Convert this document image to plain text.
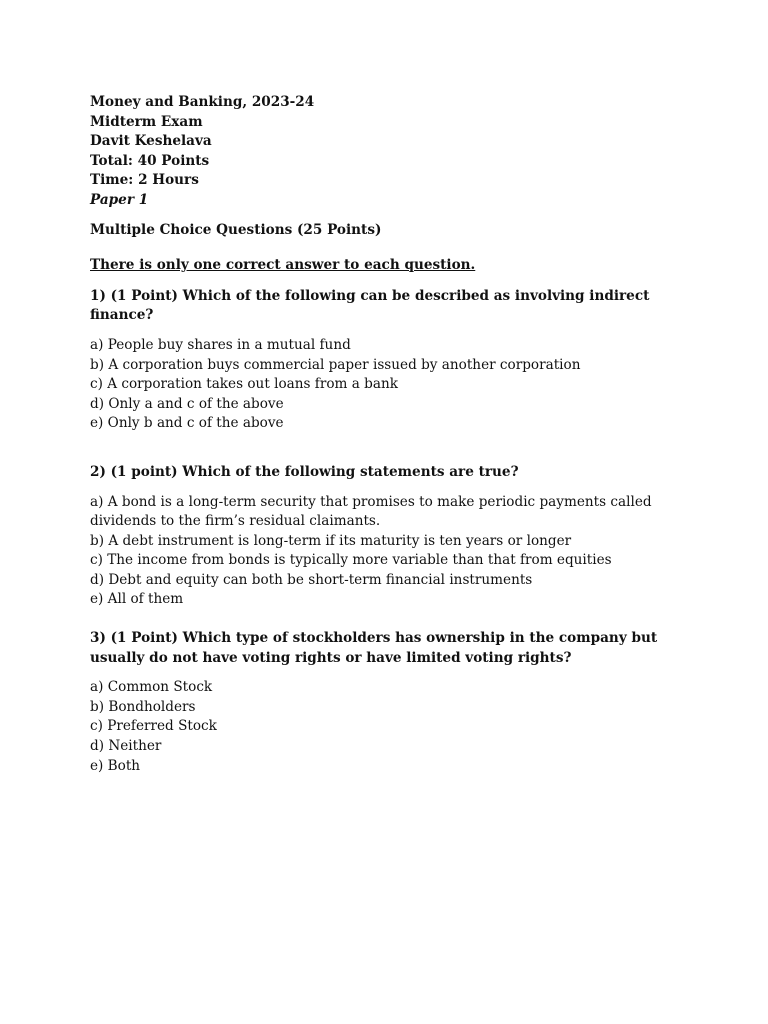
Money and Banking, 2023-24
Midterm Exam
Davit Keshelava
Total: 40 Points
Time: 2 Hours
Paper 1
Multiple Choice Questions (25 Points)
There is only one correct answer to each question.
1) (1 Point) Which of the following can be described as involving indirect finance?
a) People buy shares in a mutual fund
b) A corporation buys commercial paper issued by another corporation
c) A corporation takes out loans from a bank
d) Only a and c of the above
e) Only b and c of the above
2) (1 point) Which of the following statements are true?
a) A bond is a long-term security that promises to make periodic payments called dividends to the firm’s residual claimants.
b) A debt instrument is long-term if its maturity is ten years or longer
c) The income from bonds is typically more variable than that from equities
d) Debt and equity can both be short-term financial instruments
e) All of them
3) (1 Point) Which type of stockholders has ownership in the company but usually do not have voting rights or have limited voting rights?
a) Common Stock
b) Bondholders
c) Preferred Stock
d) Neither
e) Both
